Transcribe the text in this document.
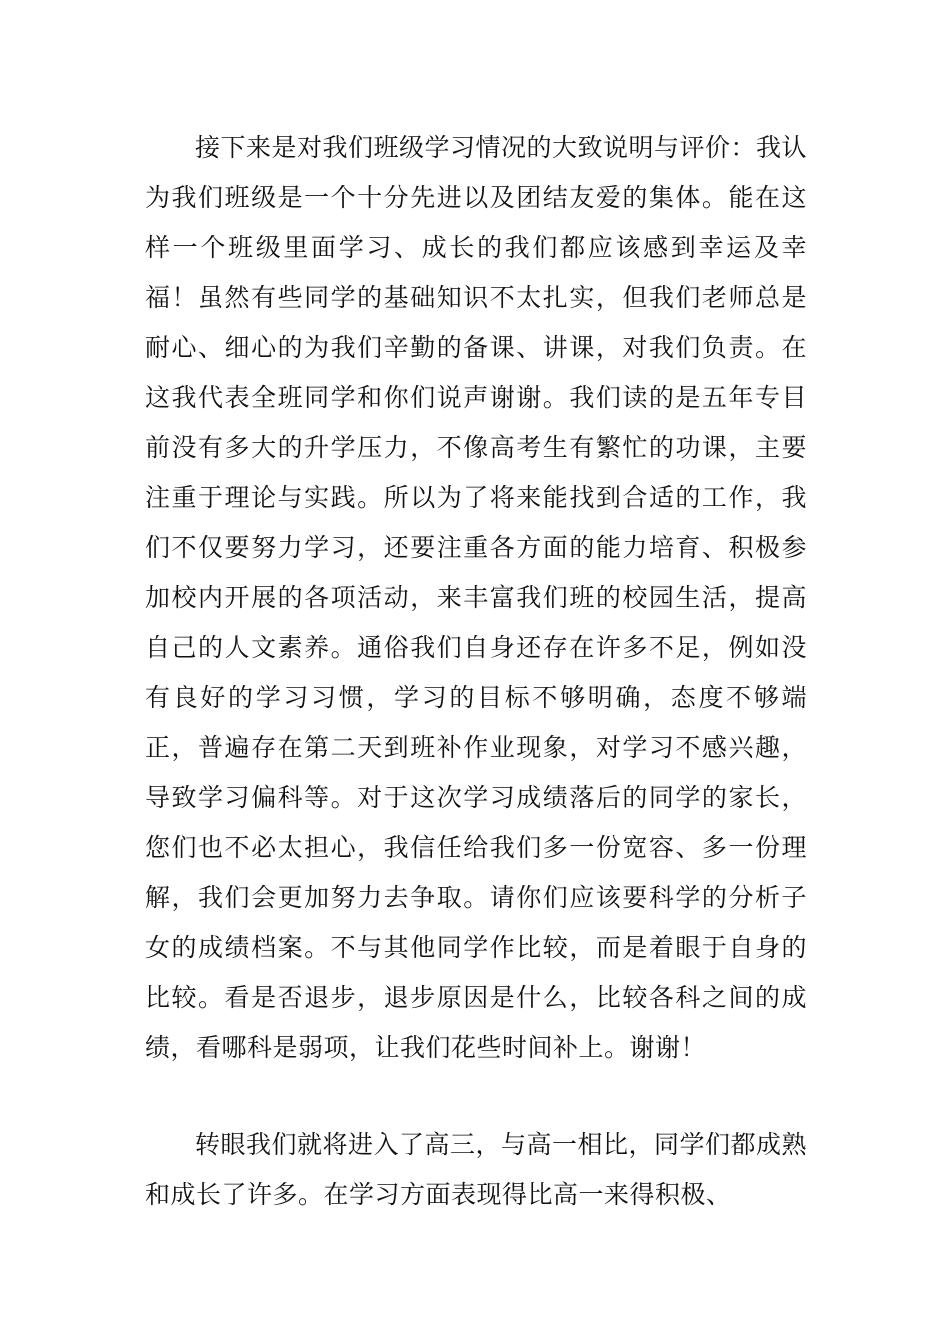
接下来是对我们班级学习情况的大致说明与评价：我认为我们班级是一个十分先进以及团结友爱的集体。能在这样一个班级里面学习、成长的我们都应该感到幸运及幸福！虽然有些同学的基础知识不太扎实，但我们老师总是耐心、细心的为我们辛勤的备课、讲课，对我们负责。在这我代表全班同学和你们说声谢谢。我们读的是五年专目前没有多大的升学压力，不像高考生有繁忙的功课，主要注重于理论与实践。所以为了将来能找到合适的工作，我们不仅要努力学习，还要注重各方面的能力培育、积极参加校内开展的各项活动，来丰富我们班的校园生活，提高自己的人文素养。通俗我们自身还存在许多不足，例如没有良好的学习习惯，学习的目标不够明确，态度不够端正，普遍存在第二天到班补作业现象，对学习不感兴趣，导致学习偏科等。对于这次学习成绩落后的同学的家长，您们也不必太担心，我信任给我们多一份宽容、多一份理解，我们会更加努力去争取。请你们应该要科学的分析子女的成绩档案。不与其他同学作比较，而是着眼于自身的比较。看是否退步，退步原因是什么，比较各科之间的成绩，看哪科是弱项，让我们花些时间补上。谢谢！

转眼我们就将进入了高三，与高一相比，同学们都成熟和成长了许多。在学习方面表现得比高一来得积极、
